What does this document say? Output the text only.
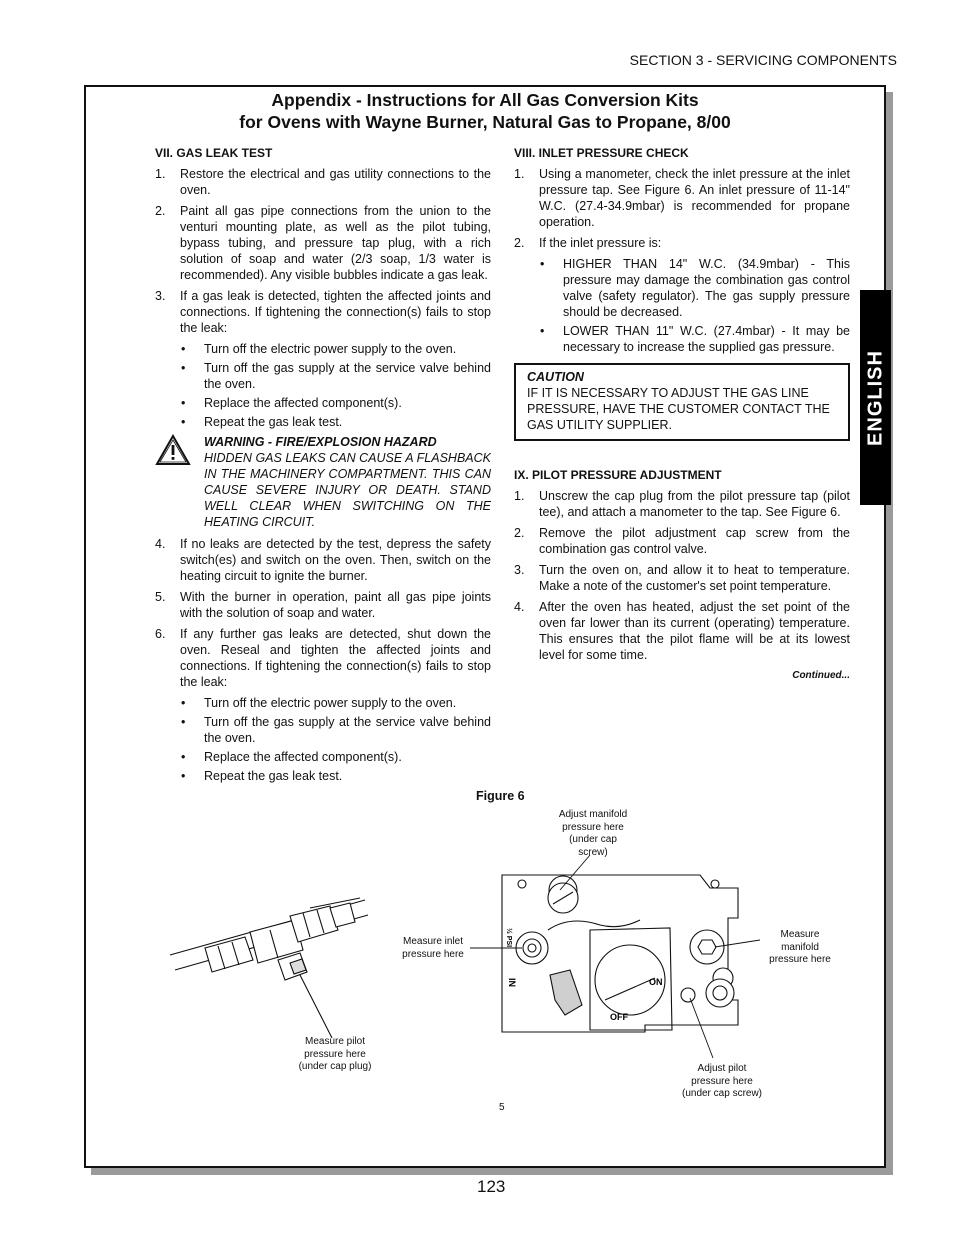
SECTION 3 - SERVICING COMPONENTS
Appendix - Instructions for All Gas Conversion Kits
for Ovens with Wayne Burner, Natural Gas to Propane, 8/00
ENGLISH
VII. GAS LEAK TEST
1. Restore the electrical and gas utility connections to the oven.
2. Paint all gas pipe connections from the union to the venturi mounting plate, as well as the pilot tubing, bypass tubing, and pressure tap plug, with a rich solution of soap and water (2/3 soap, 1/3 water is recommended). Any visible bubbles indicate a gas leak.
3. If a gas leak is detected, tighten the affected joints and connections. If tightening the connection(s) fails to stop the leak:
• Turn off the electric power supply to the oven.
• Turn off the gas supply at the service valve behind the oven.
• Replace the affected component(s).
• Repeat the gas leak test.
WARNING - FIRE/EXPLOSION HAZARD
HIDDEN GAS LEAKS CAN CAUSE A FLASHBACK IN THE MACHINERY COMPARTMENT. THIS CAN CAUSE SEVERE INJURY OR DEATH. STAND WELL CLEAR WHEN SWITCHING ON THE HEATING CIRCUIT.
4. If no leaks are detected by the test, depress the safety switch(es) and switch on the oven. Then, switch on the heating circuit to ignite the burner.
5. With the burner in operation, paint all gas pipe joints with the solution of soap and water.
6. If any further gas leaks are detected, shut down the oven. Reseal and tighten the affected joints and connections. If tightening the connection(s) fails to stop the leak:
• Turn off the electric power supply to the oven.
• Turn off the gas supply at the service valve behind the oven.
• Replace the affected component(s).
• Repeat the gas leak test.
VIII. INLET PRESSURE CHECK
1. Using a manometer, check the inlet pressure at the inlet pressure tap. See Figure 6. An inlet pressure of 11-14" W.C. (27.4-34.9mbar) is recommended for propane operation.
2. If the inlet pressure is:
• HIGHER THAN 14" W.C. (34.9mbar) - This pressure may damage the combination gas control valve (safety regulator). The gas supply pressure should be decreased.
• LOWER THAN 11" W.C. (27.4mbar) - It may be necessary to increase the supplied gas pressure.
CAUTION
IF IT IS NECESSARY TO ADJUST THE GAS LINE PRESSURE, HAVE THE CUSTOMER CONTACT THE GAS UTILITY SUPPLIER.
IX. PILOT PRESSURE ADJUSTMENT
1. Unscrew the cap plug from the pilot pressure tap (pilot tee), and attach a manometer to the tap. See Figure 6.
2. Remove the pilot adjustment cap screw from the combination gas control valve.
3. Turn the oven on, and allow it to heat to temperature. Make a note of the customer's set point temperature.
4. After the oven has heated, adjust the set point of the oven far lower than its current (operating) temperature. This ensures that the pilot flame will be at its lowest level for some time.
Continued...
Figure 6
½ PSI
IN	ON
OFF
Adjust manifold
pressure here
(under cap screw)
Measure inlet
pressure here
Measure
manifold
pressure here
Measure pilot
pressure here
(under cap plug)	Adjust pilot
pressure here
(under cap screw)
5
123
